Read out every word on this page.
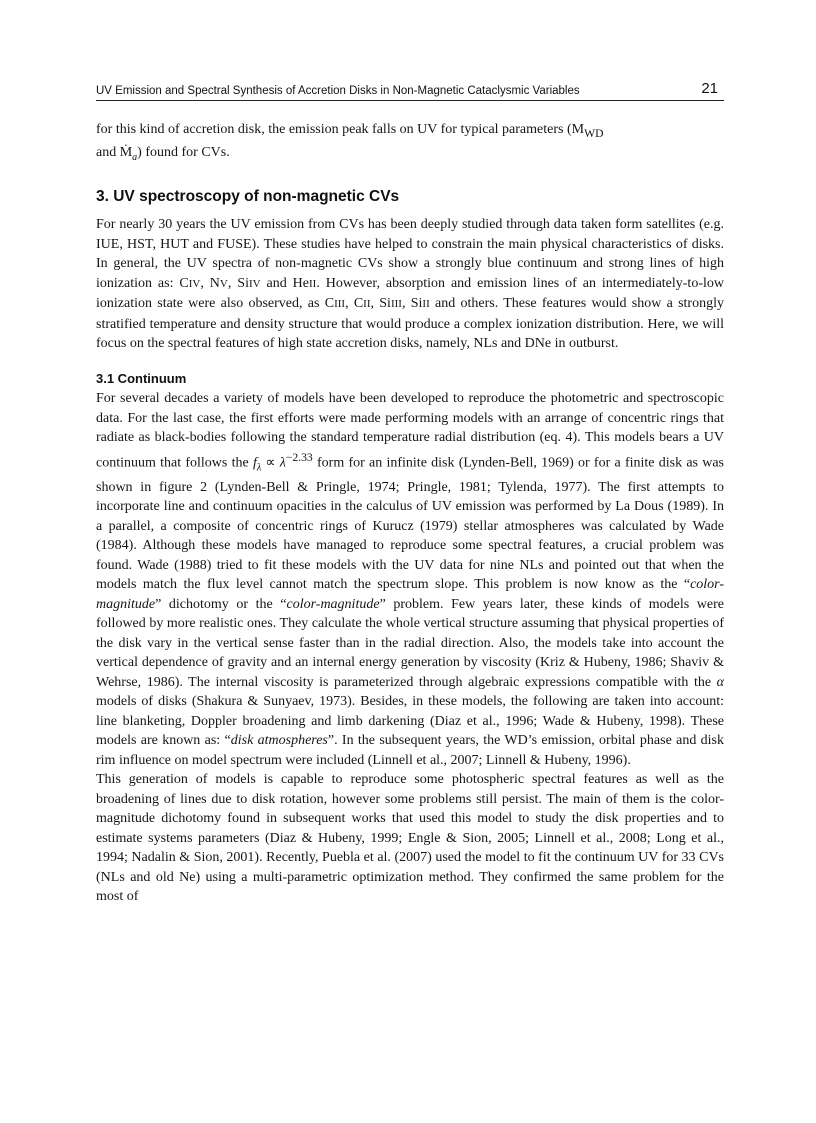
UV Emission and Spectral Synthesis of Accretion Disks in Non-Magnetic Cataclysmic Variables	21

for this kind of accretion disk, the emission peak falls on UV for typical parameters ($M_{WD}$
and Ṁ$_a$) found for CVs.

3. UV spectroscopy of non-magnetic CVs

For nearly 30 years the UV emission from CVs has been deeply studied through data taken form satellites (e.g. IUE, HST, HUT and FUSE). These studies have helped to constrain the main physical characteristics of disks. In general, the UV spectra of non-magnetic CVs show a strongly blue continuum and strong lines of high ionization as: CIV, NV, SiIV and HeII. However, absorption and emission lines of an intermediately-to-low ionization state were also observed, as CIII, CII, SiIII, SiII and others. These features would show a strongly stratified temperature and density structure that would produce a complex ionization distribution. Here, we will focus on the spectral features of high state accretion disks, namely, NLs and DNe in outburst.

3.1 Continuum

For several decades a variety of models have been developed to reproduce the photometric and spectroscopic data. For the last case, the first efforts were made performing models with an arrange of concentric rings that radiate as black-bodies following the standard temperature radial distribution (eq. 4). This models bears a UV continuum that follows the $f_\lambda \propto \lambda^{-2.33}$ form for an infinite disk (Lynden-Bell, 1969) or for a finite disk as was shown in figure 2 (Lynden-Bell & Pringle, 1974; Pringle, 1981; Tylenda, 1977). The first attempts to incorporate line and continuum opacities in the calculus of UV emission was performed by La Dous (1989). In a parallel, a composite of concentric rings of Kurucz (1979) stellar atmospheres was calculated by Wade (1984). Although these models have managed to reproduce some spectral features, a crucial problem was found. Wade (1988) tried to fit these models with the UV data for nine NLs and pointed out that when the models match the flux level cannot match the spectrum slope. This problem is now know as the “color-magnitude” dichotomy or the “color-magnitude” problem. Few years later, these kinds of models were followed by more realistic ones. They calculate the whole vertical structure assuming that physical properties of the disk vary in the vertical sense faster than in the radial direction. Also, the models take into account the vertical dependence of gravity and an internal energy generation by viscosity (Kriz & Hubeny, 1986; Shaviv & Wehrse, 1986). The internal viscosity is parameterized through algebraic expressions compatible with the α models of disks (Shakura & Sunyaev, 1973). Besides, in these models, the following are taken into account: line blanketing, Doppler broadening and limb darkening (Diaz et al., 1996; Wade & Hubeny, 1998). These models are known as: “disk atmospheres”. In the subsequent years, the WD’s emission, orbital phase and disk rim influence on model spectrum were included (Linnell et al., 2007; Linnell & Hubeny, 1996).

This generation of models is capable to reproduce some photospheric spectral features as well as the broadening of lines due to disk rotation, however some problems still persist. The main of them is the color-magnitude dichotomy found in subsequent works that used this model to study the disk properties and to estimate systems parameters (Diaz & Hubeny, 1999; Engle & Sion, 2005; Linnell et al., 2008; Long et al., 1994; Nadalin & Sion, 2001). Recently, Puebla et al. (2007) used the model to fit the continuum UV for 33 CVs (NLs and old Ne) using a multi-parametric optimization method. They confirmed the same problem for the most of
